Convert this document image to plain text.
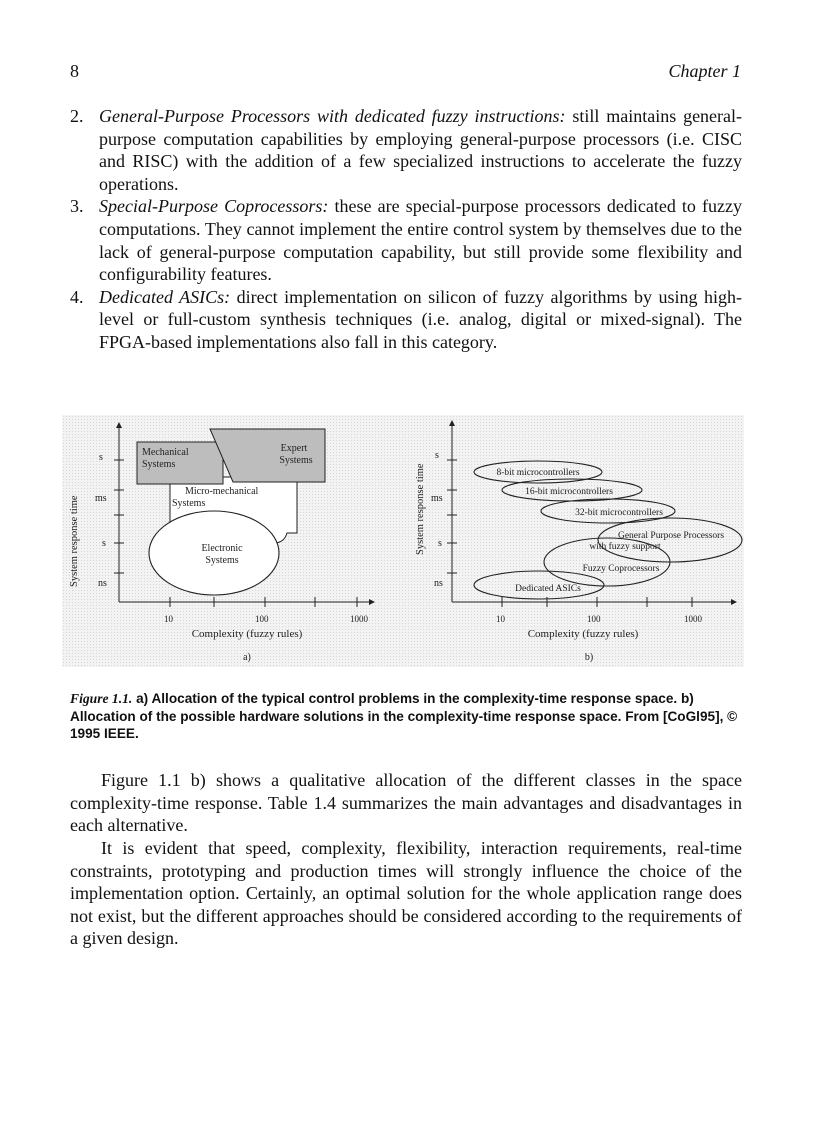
8	Chapter 1
2. General-Purpose Processors with dedicated fuzzy instructions: still maintains general-purpose computation capabilities by employing general-purpose processors (i.e. CISC and RISC) with the addition of a few specialized instructions to accelerate the fuzzy operations.
3. Special-Purpose Coprocessors: these are special-purpose processors dedicated to fuzzy computations. They cannot implement the entire control system by themselves due to the lack of general-purpose computation capability, but still provide some flexibility and configurability features.
4. Dedicated ASICs: direct implementation on silicon of fuzzy algorithms by using high-level or full-custom synthesis techniques (i.e. analog, digital or mixed-signal). The FPGA-based implementations also fall in this category.
System response time
s
ms
s
ns
10	100	1000
Complexity (fuzzy rules)
a)
Mechanical
Systems
Expert
Systems
Micro-mechanical
Systems
Electronic
Systems
System response time
s
ms
s
ns
10	100	1000
Complexity (fuzzy rules)
b)
8-bit microcontrollers
16-bit microcontrollers
32-bit microcontrollers
General Purpose Processors
with fuzzy support
Fuzzy Coprocessors
Dedicated ASICs
Figure 1.1. a) Allocation of the typical control problems in the complexity-time response space. b) Allocation of the possible hardware solutions in the complexity-time response space. From [CoGl95], © 1995 IEEE.

Figure 1.1 b) shows a qualitative allocation of the different classes in the space complexity-time response. Table 1.4 summarizes the main advantages and disadvantages in each alternative.

It is evident that speed, complexity, flexibility, interaction requirements, real-time constraints, prototyping and production times will strongly influence the choice of the implementation option. Certainly, an optimal solution for the whole application range does not exist, but the different approaches should be considered according to the requirements of a given design.
